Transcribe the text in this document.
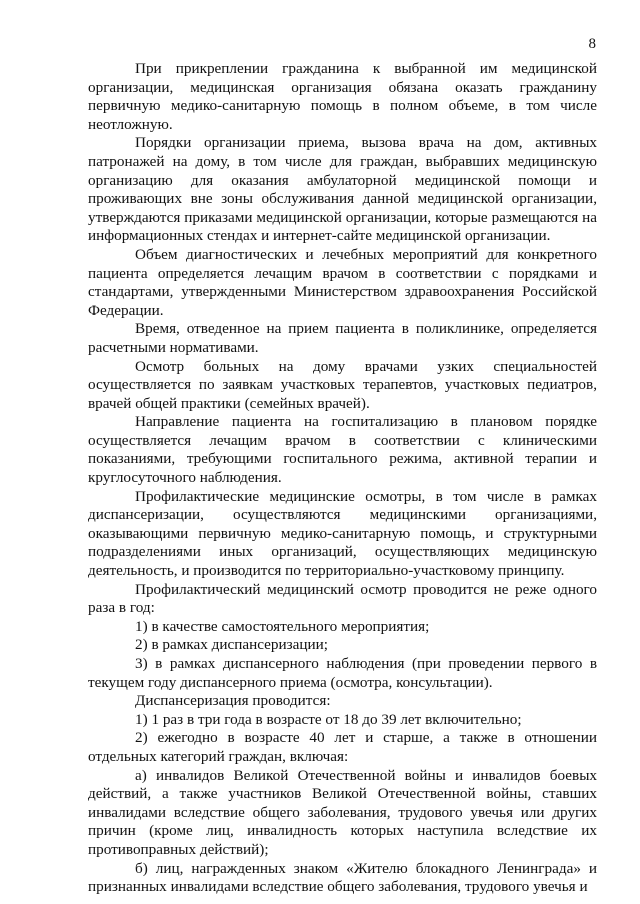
8

При прикреплении гражданина к выбранной им медицинской организации, медицинская организация обязана оказать гражданину первичную медико-санитарную помощь в полном объеме, в том числе неотложную.

Порядки организации приема, вызова врача на дом, активных патронажей на дому, в том числе для граждан, выбравших медицинскую организацию для оказания амбулаторной медицинской помощи и проживающих вне зоны обслуживания данной медицинской организации, утверждаются приказами медицинской организации, которые размещаются на информационных стендах и интернет-сайте медицинской организации.

Объем диагностических и лечебных мероприятий для конкретного пациента определяется лечащим врачом в соответствии с порядками и стандартами, утвержденными Министерством здравоохранения Российской Федерации.

Время, отведенное на прием пациента в поликлинике, определяется расчетными нормативами.

Осмотр больных на дому врачами узких специальностей осуществляется по заявкам участковых терапевтов, участковых педиатров, врачей общей практики (семейных врачей).

Направление пациента на госпитализацию в плановом порядке осуществляется лечащим врачом в соответствии с клиническими показаниями, требующими госпитального режима, активной терапии и круглосуточного наблюдения.

Профилактические медицинские осмотры, в том числе в рамках диспансеризации, осуществляются медицинскими организациями, оказывающими первичную медико-санитарную помощь, и структурными подразделениями иных организаций, осуществляющих медицинскую деятельность, и производится по территориально-участковому принципу.

Профилактический медицинский осмотр проводится не реже одного раза в год:

1) в качестве самостоятельного мероприятия;

2) в рамках диспансеризации;

3) в рамках диспансерного наблюдения (при проведении первого в текущем году диспансерного приема (осмотра, консультации).

Диспансеризация проводится:

1) 1 раз в три года в возрасте от 18 до 39 лет включительно;

2) ежегодно в возрасте 40 лет и старше, а также в отношении отдельных категорий граждан, включая:

а) инвалидов Великой Отечественной войны и инвалидов боевых действий, а также участников Великой Отечественной войны, ставших инвалидами вследствие общего заболевания, трудового увечья или других причин (кроме лиц, инвалидность которых наступила вследствие их противоправных действий);

б) лиц, награжденных знаком «Жителю блокадного Ленинграда» и признанных инвалидами вследствие общего заболевания, трудового увечья и
